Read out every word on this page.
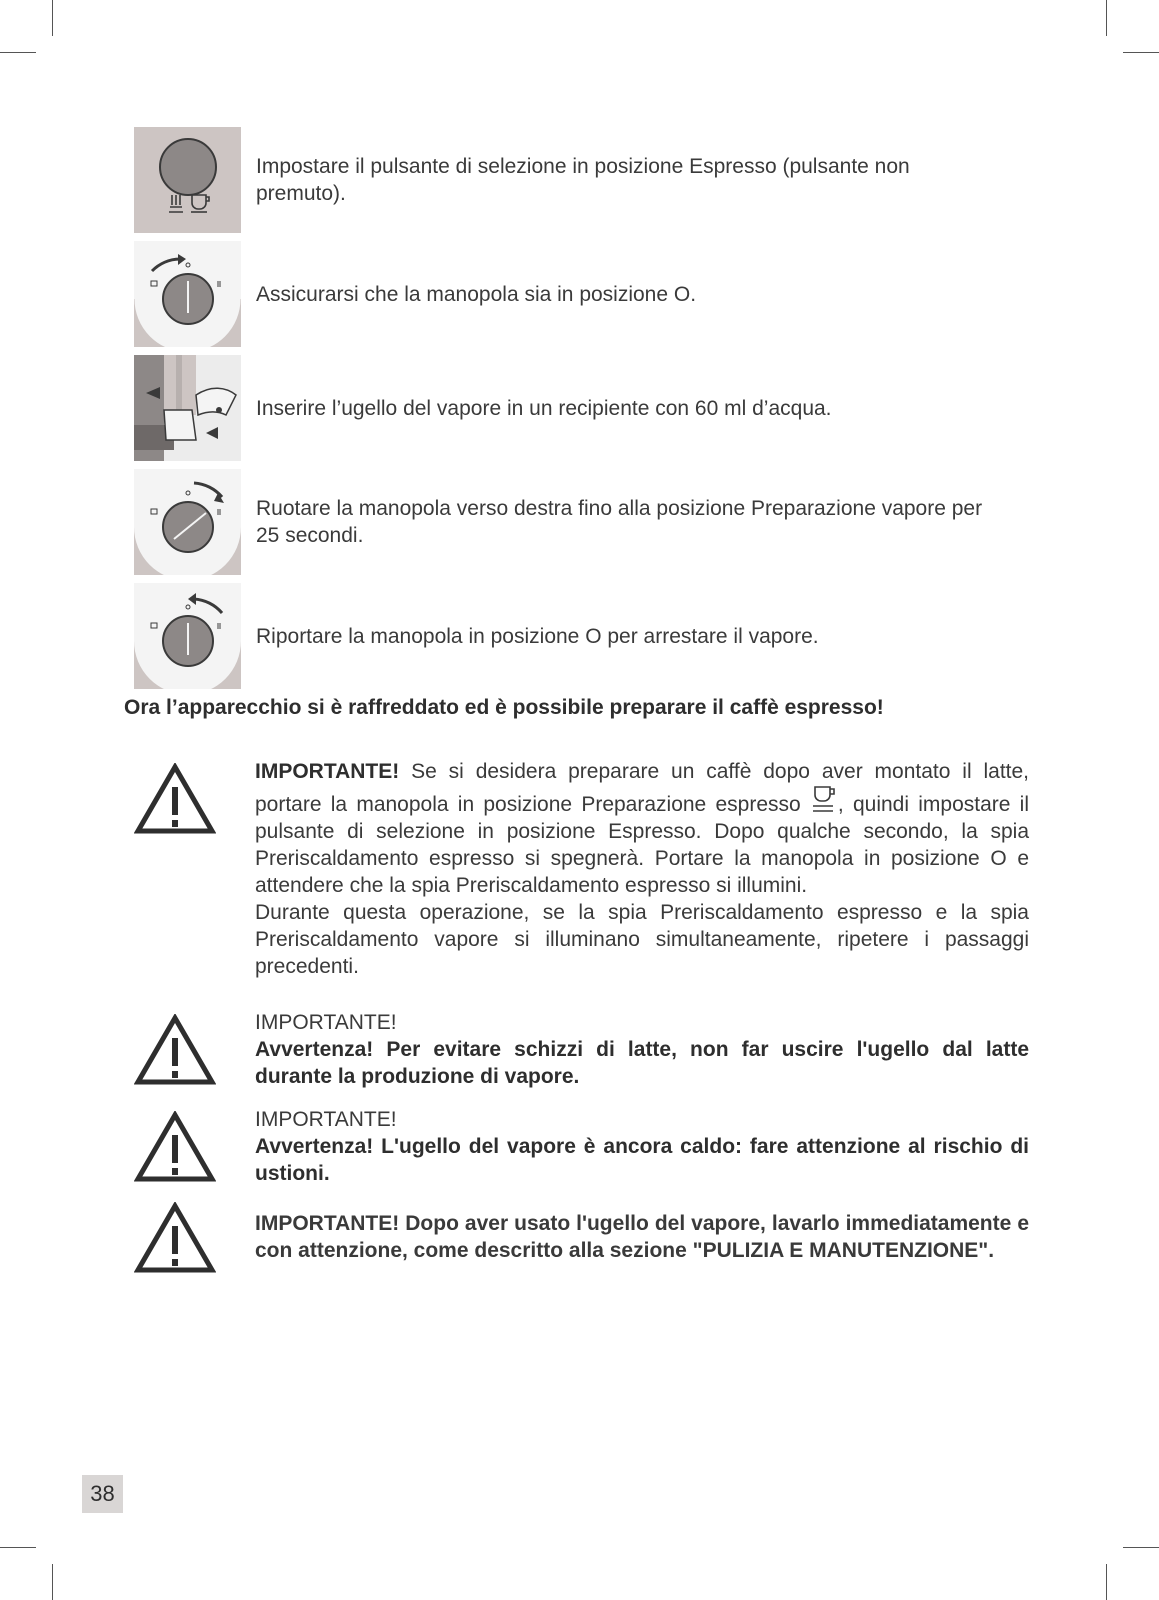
Impostare il pulsante di selezione in posizione Espresso (pulsante non premuto).
Assicurarsi che la manopola sia in posizione O.
Inserire l’ugello del vapore in un recipiente con 60 ml d’acqua.
Ruotare la manopola verso destra fino alla posizione Preparazione vapore per 25 secondi.
Riportare la manopola in posizione O per arrestare il vapore.
Ora l’apparecchio si è raffreddato ed è possibile preparare il caffè espresso!
IMPORTANTE! Se si desidera preparare un caffè dopo aver montato il latte, portare la manopola in posizione Preparazione espresso , quindi impostare il pulsante di selezione in posizione Espresso. Dopo qualche secondo, la spia Preriscaldamento espresso si spegnerà. Portare la manopola in posizione O e attendere che la spia Preriscaldamento espresso si illumini.
Durante questa operazione, se la spia Preriscaldamento espresso e la spia Preriscaldamento vapore si illuminano simultaneamente, ripetere i passaggi precedenti.
IMPORTANTE!
Avvertenza! Per evitare schizzi di latte, non far uscire l'ugello dal latte durante la produzione di vapore.
IMPORTANTE!
Avvertenza! L'ugello del vapore è ancora caldo: fare attenzione al rischio di ustioni.
IMPORTANTE! Dopo aver usato l'ugello del vapore, lavarlo immediatamente e con attenzione, come descritto alla sezione "PULIZIA E MANUTENZIONE".
38
